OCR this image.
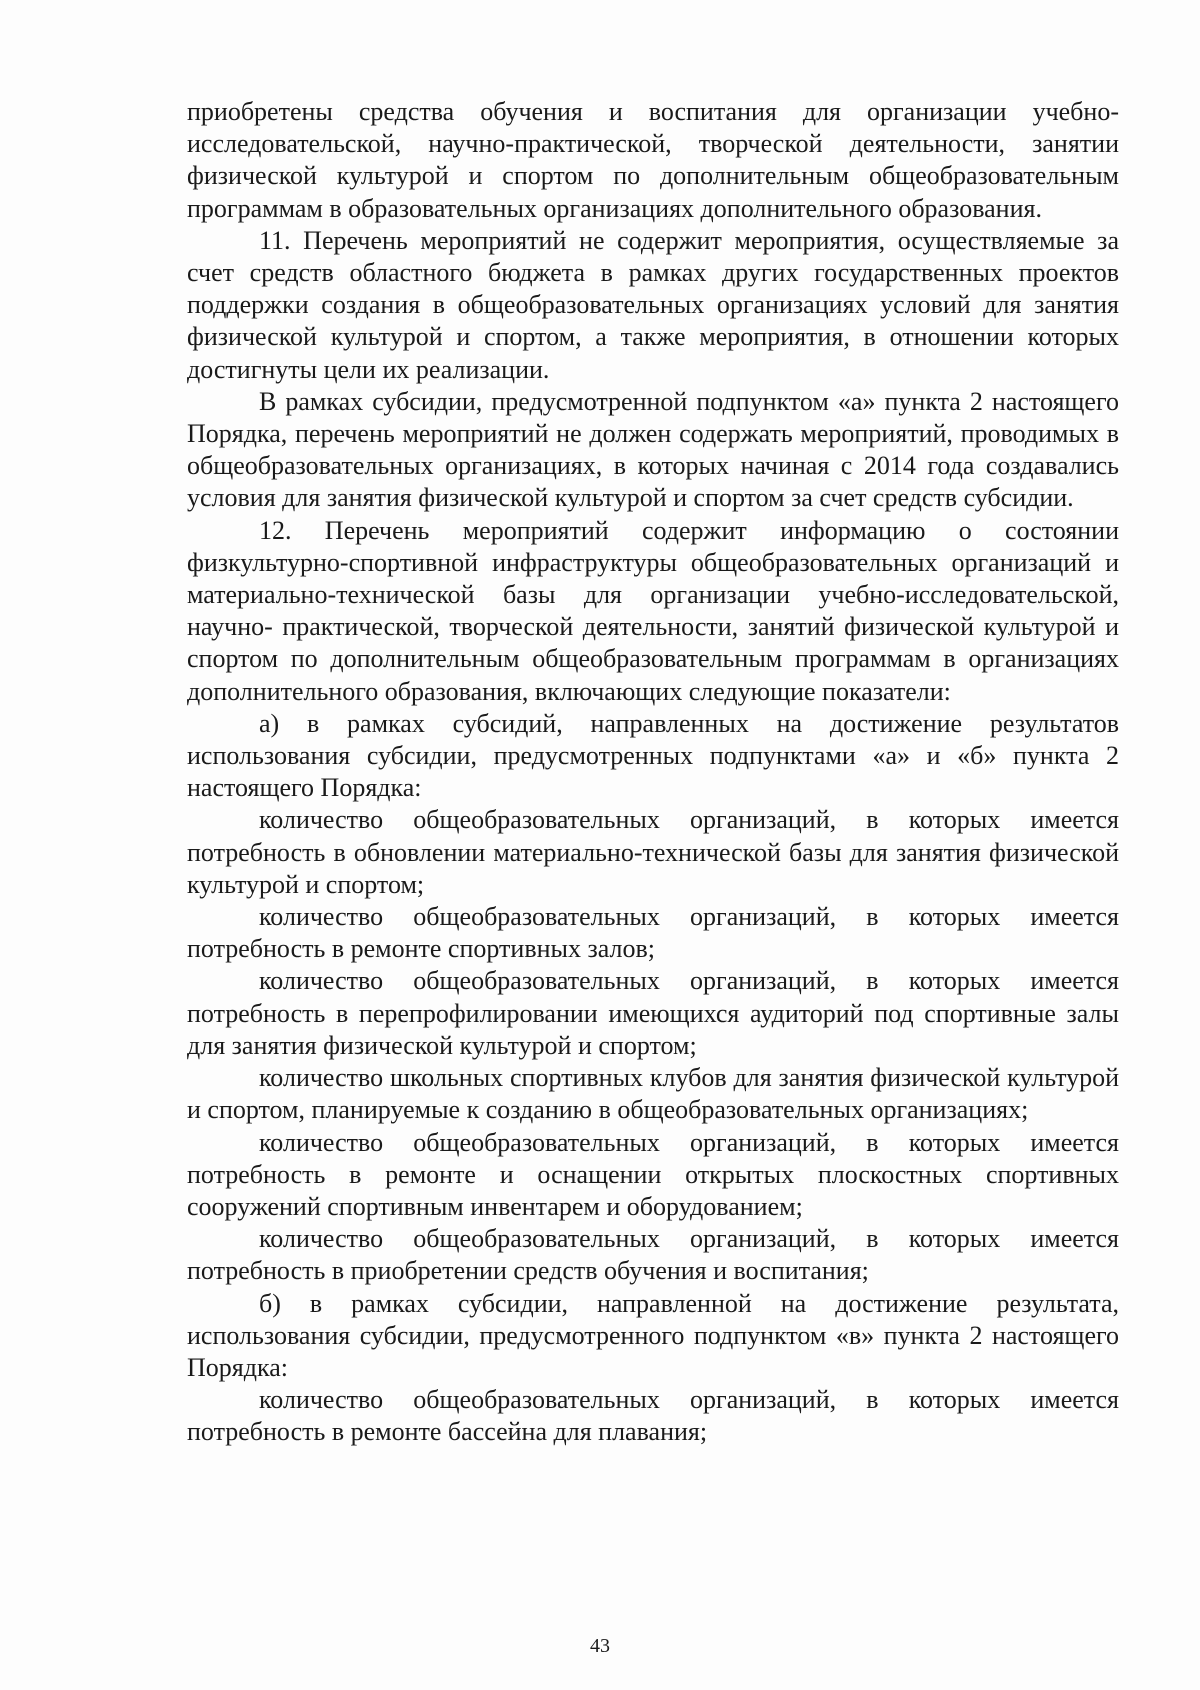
приобретены средства обучения и воспитания для организации учебно-исследовательской, научно-практической, творческой деятельности, занятии физической культурой и спортом по дополнительным общеобразовательным программам в образовательных организациях дополнительного образования.

11. Перечень мероприятий не содержит мероприятия, осуществляемые за счет средств областного бюджета в рамках других государственных проектов поддержки создания в общеобразовательных организациях условий для занятия физической культурой и спортом, а также мероприятия, в отношении которых достигнуты цели их реализации.

В рамках субсидии, предусмотренной подпунктом «а» пункта 2 настоящего Порядка, перечень мероприятий не должен содержать мероприятий, проводимых в общеобразовательных организациях, в которых начиная с 2014 года создавались условия для занятия физической культурой и спортом за счет средств субсидии.

12. Перечень мероприятий содержит информацию о состоянии физкультурно-спортивной инфраструктуры общеобразовательных организаций и материально-технической базы для организации учебно-исследовательской, научно- практической, творческой деятельности, занятий физической культурой и спортом по дополнительным общеобразовательным программам в организациях дополнительного образования, включающих следующие показатели:

а) в рамках субсидий, направленных на достижение результатов использования субсидии, предусмотренных подпунктами «а» и «б» пункта 2 настоящего Порядка:

количество общеобразовательных организаций, в которых имеется потребность в обновлении материально-технической базы для занятия физической культурой и спортом;

количество общеобразовательных организаций, в которых имеется потребность в ремонте спортивных залов;

количество общеобразовательных организаций, в которых имеется потребность в перепрофилировании имеющихся аудиторий под спортивные залы для занятия физической культурой и спортом;

количество школьных спортивных клубов для занятия физической культурой и спортом, планируемые к созданию в общеобразовательных организациях;

количество общеобразовательных организаций, в которых имеется потребность в ремонте и оснащении открытых плоскостных спортивных сооружений спортивным инвентарем и оборудованием;

количество общеобразовательных организаций, в которых имеется потребность в приобретении средств обучения и воспитания;

б) в рамках субсидии, направленной на достижение результата, использования субсидии, предусмотренного подпунктом «в» пункта 2 настоящего Порядка:

количество общеобразовательных организаций, в которых имеется потребность в ремонте бассейна для плавания;

43
